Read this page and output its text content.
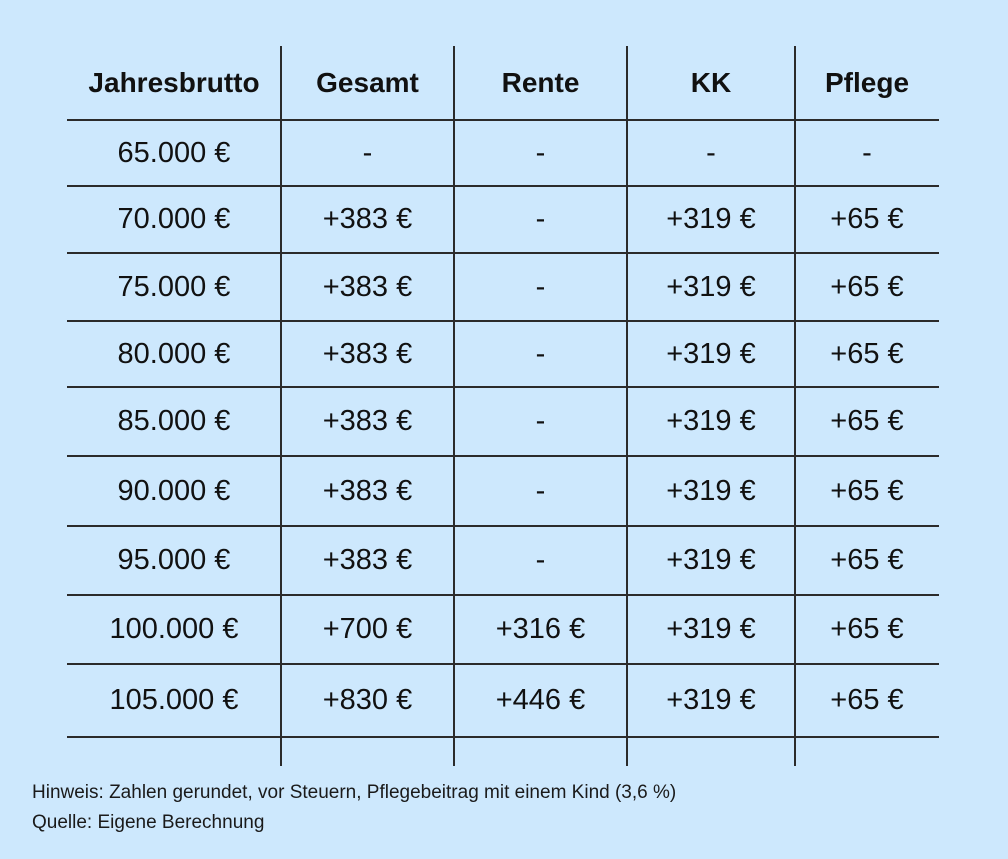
Jahresbrutto	Gesamt	Rente	KK	Pflege
65.000 €	-	-	-	-
70.000 €	+383 €	-	+319 €	+65 €
75.000 €	+383 €	-	+319 €	+65 €
80.000 €	+383 €	-	+319 €	+65 €
85.000 €	+383 €	-	+319 €	+65 €
90.000 €	+383 €	-	+319 €	+65 €
95.000 €	+383 €	-	+319 €	+65 €
100.000 €	+700 €	+316 €	+319 €	+65 €
105.000 €	+830 €	+446 €	+319 €	+65 €
Hinweis: Zahlen gerundet, vor Steuern, Pflegebeitrag mit einem Kind (3,6 %)
Quelle: Eigene Berechnung
